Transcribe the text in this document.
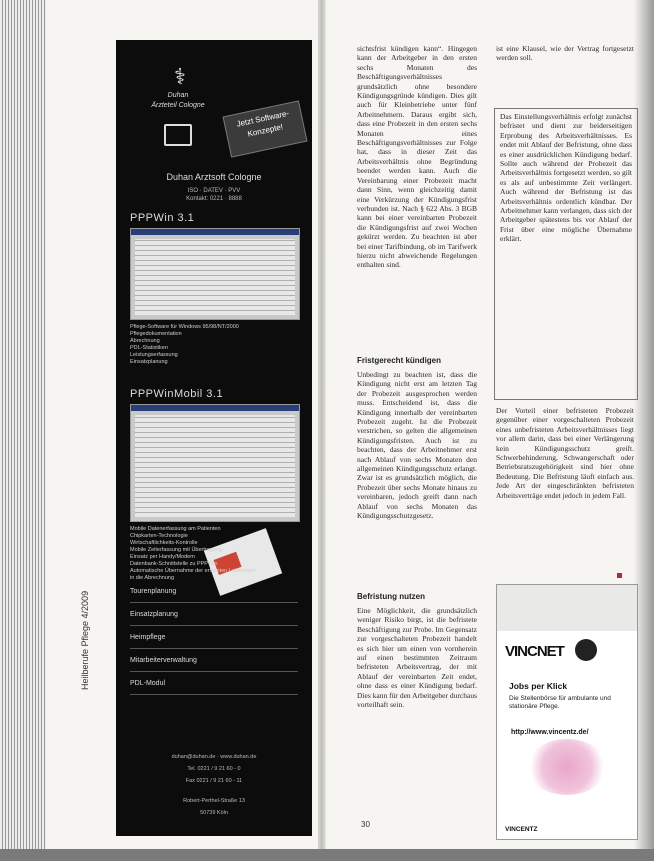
Heilberufe Pflege 4/2009
⚕
Duhan
Ärzteteil Cologne
Jetzt Software-Konzepte!
Duhan Arztsoft Cologne
ISO · DATEV · PVV
Kontakt: 0221 · 8888
PPPWin 3.1
Pflege-Software für Windows 95/98/NT/2000
Pflegedokumentation
Abrechnung
PDL-Statistiken
Leistungserfassung
Einsatzplanung
PPPWinMobil 3.1
Mobile Datenerfassung am Patienten
Chipkarten-Technologie
Wirtschaftlichkeits-Kontrolle
Mobile Zeiterfassung mit Übertragung
Einsatz per Handy/Modem
Datenbank-Schnittstelle zu PPPWin
Automatische Übernahme der erfassten Leistungen
in die Abrechnung
Tourenplanung
Einsatzplanung
Heimpflege
Mitarbeiterverwaltung
PDL-Modul
duhan@duhan.de · www.duhan.de
Tel. 0221 / 9 21 60 - 0
Fax 0221 / 9 21 60 - 11
Robert-Perthel-Straße 13
50739 Köln

sichtsfrist kündigen kann“. Hingegen kann der Arbeitgeber in den ersten sechs Monaten des Beschäftigungsverhältnisses grundsätzlich ohne besondere Kündigungsgründe kündigen. Dies gilt auch für Kleinbetriebe unter fünf Arbeitnehmern. Daraus ergibt sich, dass eine Probezeit in den ersten sechs Monaten eines Beschäftigungsverhältnisses zur Folge hat, dass in dieser Zeit das Arbeitsverhältnis ohne Begründung beendet werden kann. Auch die Vereinbarung einer Probezeit macht dann Sinn, wenn gleichzeitig damit eine Verkürzung der Kündigungsfrist verbunden ist. Nach § 622 Abs. 3 BGB kann bei einer vereinbarten Probezeit die Kündigungsfrist auf zwei Wochen gekürzt werden. Zu beachten ist aber bei einer Tarifbindung, ob im Tarifwerk hierzu nicht abweichende Regelungen enthalten sind.

Fristgerecht kündigen

Unbedingt zu beachten ist, dass die Kündigung nicht erst am letzten Tag der Probezeit ausgesprochen werden muss. Entscheidend ist, dass die Kündigung innerhalb der vereinbarten Probezeit zugeht. Ist die Probezeit verstrichen, so gelten die allgemeinen Kündigungsfristen. Auch ist zu beachten, dass der Arbeitnehmer erst nach Ablauf von sechs Monaten den allgemeinen Kündigungsschutz erlangt. Zwar ist es grundsätzlich möglich, die Probezeit über sechs Monate hinaus zu vereinbaren, jedoch greift dann nach Ablauf von sechs Monaten das Kündigungsschutzgesetz.

Befristung nutzen

Eine Möglichkeit, die grundsätzlich weniger Risiko birgt, ist die befristete Beschäftigung zur Probe. Im Gegensatz zur vorgeschalteten Probezeit handelt es sich hier um einen von vornherein auf einen bestimmten Zeitraum befristeten Arbeitsvertrag, der mit Ablauf der vereinbarten Zeit endet, ohne dass es einer Kündigung bedarf. Dies kann für den Arbeitgeber durchaus vorteilhaft sein.

ist eine Klausel, wie der Vertrag fortgesetzt werden soll.

Das Einstellungsverhältnis erfolgt zunächst befristet und dient zur beiderseitigen Erprobung des Arbeitsverhältnisses. Es endet mit Ablauf der Befristung, ohne dass es einer ausdrücklichen Kündigung bedarf. Sollte auch während der Probezeit das Arbeitsverhältnis fortgesetzt werden, so gilt es als auf unbestimmte Zeit verlängert. Auch während der Befristung ist das Arbeitsverhältnis ordentlich kündbar. Der Arbeitnehmer kann verlangen, dass sich der Arbeitgeber spätestens bis vor Ablauf der Frist über eine mögliche Übernahme erklärt.

Der Vorteil einer befristeten Probezeit gegenüber einer vorgeschalteten Probezeit eines unbefristeten Arbeitsverhältnisses liegt vor allem darin, dass bei einer Verlängerung kein Kündigungsschutz greift. Schwerbehinderung, Schwangerschaft oder Betriebsratszugehörigkeit sind hier ohne Bedeutung. Die Befristung läuft einfach aus. Jede Art der eingeschränkten befristeten Arbeitsverträge endet jedoch in jedem Fall.

VINCNET
Jobs per Klick
Die Stellenbörse für ambulante und stationäre Pflege.
http://www.vincentz.de/
VINCENTZ
30
